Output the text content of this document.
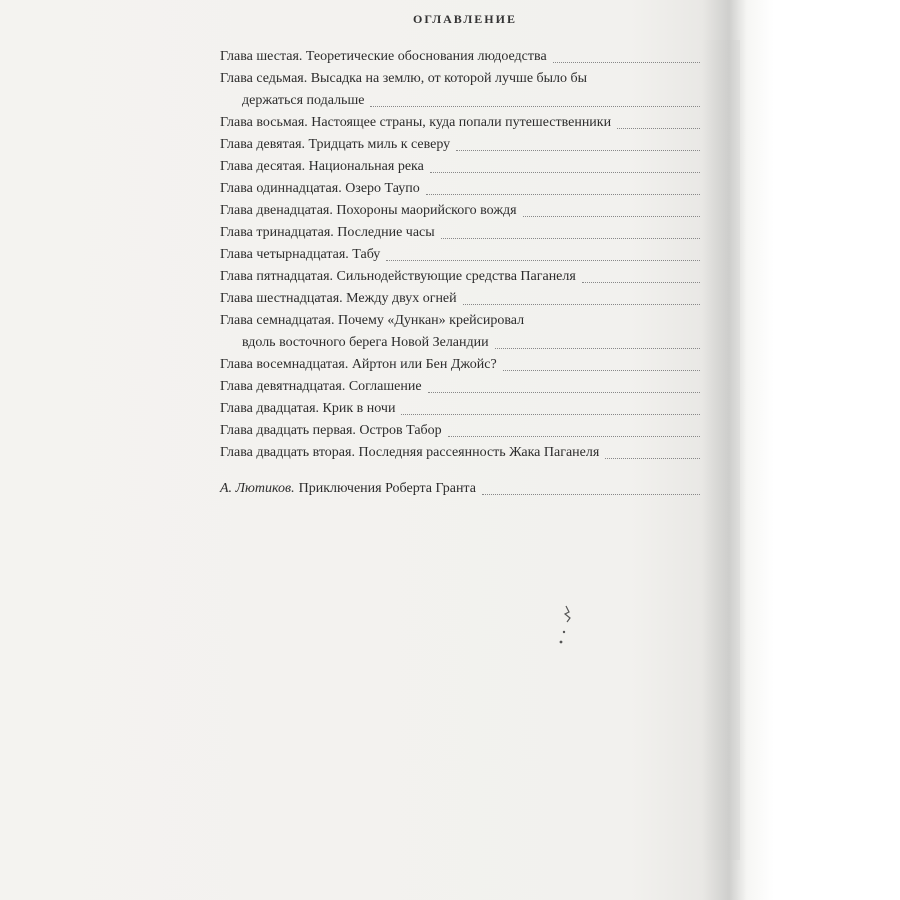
ОГЛАВЛЕНИЕ
Глава шестая. Теоретические обоснования людоедства
Глава седьмая. Высадка на землю, от которой лучше было бы
держаться подальше
Глава восьмая. Настоящее страны, куда попали путешественники
Глава девятая. Тридцать миль к северу
Глава десятая. Национальная река
Глава одиннадцатая. Озеро Таупо
Глава двенадцатая. Похороны маорийского вождя
Глава тринадцатая. Последние часы
Глава четырнадцатая. Табу
Глава пятнадцатая. Сильнодействующие средства Паганеля
Глава шестнадцатая. Между двух огней
Глава семнадцатая. Почему «Дункан» крейсировал
вдоль восточного берега Новой Зеландии
Глава восемнадцатая. Айртон или Бен Джойс?
Глава девятнадцатая. Соглашение
Глава двадцатая. Крик в ночи
Глава двадцать первая. Остров Табор
Глава двадцать вторая. Последняя рассеянность Жака Паганеля
А. Лютиков. Приключения Роберта Гранта
